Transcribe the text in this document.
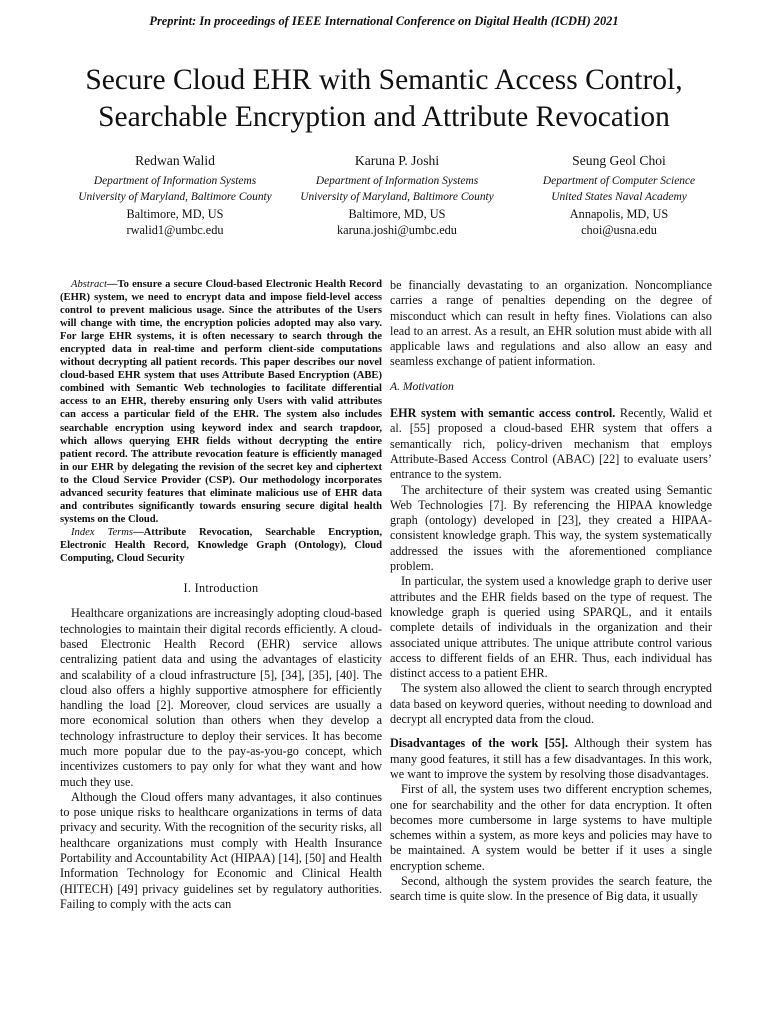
Preprint: In proceedings of IEEE International Conference on Digital Health (ICDH) 2021
Secure Cloud EHR with Semantic Access Control,
Searchable Encryption and Attribute Revocation
Redwan Walid
Department of Information Systems
University of Maryland, Baltimore County
Baltimore, MD, US
rwalid1@umbc.edu
Karuna P. Joshi
Department of Information Systems
University of Maryland, Baltimore County
Baltimore, MD, US
karuna.joshi@umbc.edu
Seung Geol Choi
Department of Computer Science
United States Naval Academy
Annapolis, MD, US
choi@usna.edu

Abstract—To ensure a secure Cloud-based Electronic Health Record (EHR) system, we need to encrypt data and impose field-level access control to prevent malicious usage. Since the attributes of the Users will change with time, the encryption policies adopted may also vary. For large EHR systems, it is often necessary to search through the encrypted data in real-time and perform client-side computations without decrypting all patient records. This paper describes our novel cloud-based EHR system that uses Attribute Based Encryption (ABE) combined with Semantic Web technologies to facilitate differential access to an EHR, thereby ensuring only Users with valid attributes can access a particular field of the EHR. The system also includes searchable encryption using keyword index and search trapdoor, which allows querying EHR fields without decrypting the entire patient record. The attribute revocation feature is efficiently managed in our EHR by delegating the revision of the secret key and ciphertext to the Cloud Service Provider (CSP). Our methodology incorporates advanced security features that eliminate malicious use of EHR data and contributes significantly towards ensuring secure digital health systems on the Cloud.

Index Terms—Attribute Revocation, Searchable Encryption, Electronic Health Record, Knowledge Graph (Ontology), Cloud Computing, Cloud Security

I. Introduction

Healthcare organizations are increasingly adopting cloud-based technologies to maintain their digital records efficiently. A cloud-based Electronic Health Record (EHR) service allows centralizing patient data and using the advantages of elasticity and scalability of a cloud infrastructure [5], [34], [35], [40]. The cloud also offers a highly supportive atmosphere for efficiently handling the load [2]. Moreover, cloud services are usually a more economical solution than others when they develop a technology infrastructure to deploy their services. It has become much more popular due to the pay-as-you-go concept, which incentivizes customers to pay only for what they want and how much they use.

Although the Cloud offers many advantages, it also continues to pose unique risks to healthcare organizations in terms of data privacy and security. With the recognition of the security risks, all healthcare organizations must comply with Health Insurance Portability and Accountability Act (HIPAA) [14], [50] and Health Information Technology for Economic and Clinical Health (HITECH) [49] privacy guidelines set by regulatory authorities. Failing to comply with the acts can

be financially devastating to an organization. Noncompliance carries a range of penalties depending on the degree of misconduct which can result in hefty fines. Violations can also lead to an arrest. As a result, an EHR solution must abide with all applicable laws and regulations and also allow an easy and seamless exchange of patient information.

A. Motivation

EHR system with semantic access control. Recently, Walid et al. [55] proposed a cloud-based EHR system that offers a semantically rich, policy-driven mechanism that employs Attribute-Based Access Control (ABAC) [22] to evaluate users’ entrance to the system.

The architecture of their system was created using Semantic Web Technologies [7]. By referencing the HIPAA knowledge graph (ontology) developed in [23], they created a HIPAA-consistent knowledge graph. This way, the system systematically addressed the issues with the aforementioned compliance problem.

In particular, the system used a knowledge graph to derive user attributes and the EHR fields based on the type of request. The knowledge graph is queried using SPARQL, and it entails complete details of individuals in the organization and their associated unique attributes. The unique attribute control various access to different fields of an EHR. Thus, each individual has distinct access to a patient EHR.

The system also allowed the client to search through encrypted data based on keyword queries, without needing to download and decrypt all encrypted data from the cloud.

Disadvantages of the work [55]. Although their system has many good features, it still has a few disadvantages. In this work, we want to improve the system by resolving those disadvantages.

First of all, the system uses two different encryption schemes, one for searchability and the other for data encryption. It often becomes more cumbersome in large systems to have multiple schemes within a system, as more keys and policies may have to be maintained. A system would be better if it uses a single encryption scheme.

Second, although the system provides the search feature, the search time is quite slow. In the presence of Big data, it usually
